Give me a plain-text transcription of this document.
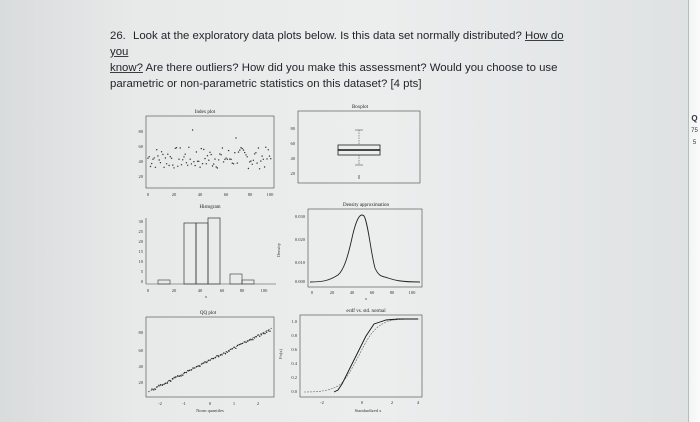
26. Look at the exploratory data plots below. Is this data set normally distributed? How do you
know? Are there outliers? How did you make this assessment? Would you choose to use
parametric or non-parametric statistics on this dataset? [4 pts]
Index plot
80
60
40
20
0	20	40	60	80	100
Boxplot
80
60
40
20
Histogram
30
25
20
15
10
5
0
0	20	40	60	80	100
x
Density approximation
Density
0.030
0.020
0.010
0.000
0	20	40	60	80	100
x
QQ plot
80
60
40
20
-2	-1	0	1	2
Norm quantiles
ecdf vs. std. normal
Fn(x)
1.0
0.8
0.6
0.4
0.2
0.0
-2	0	2	4
Standardized x
Q
75
5
